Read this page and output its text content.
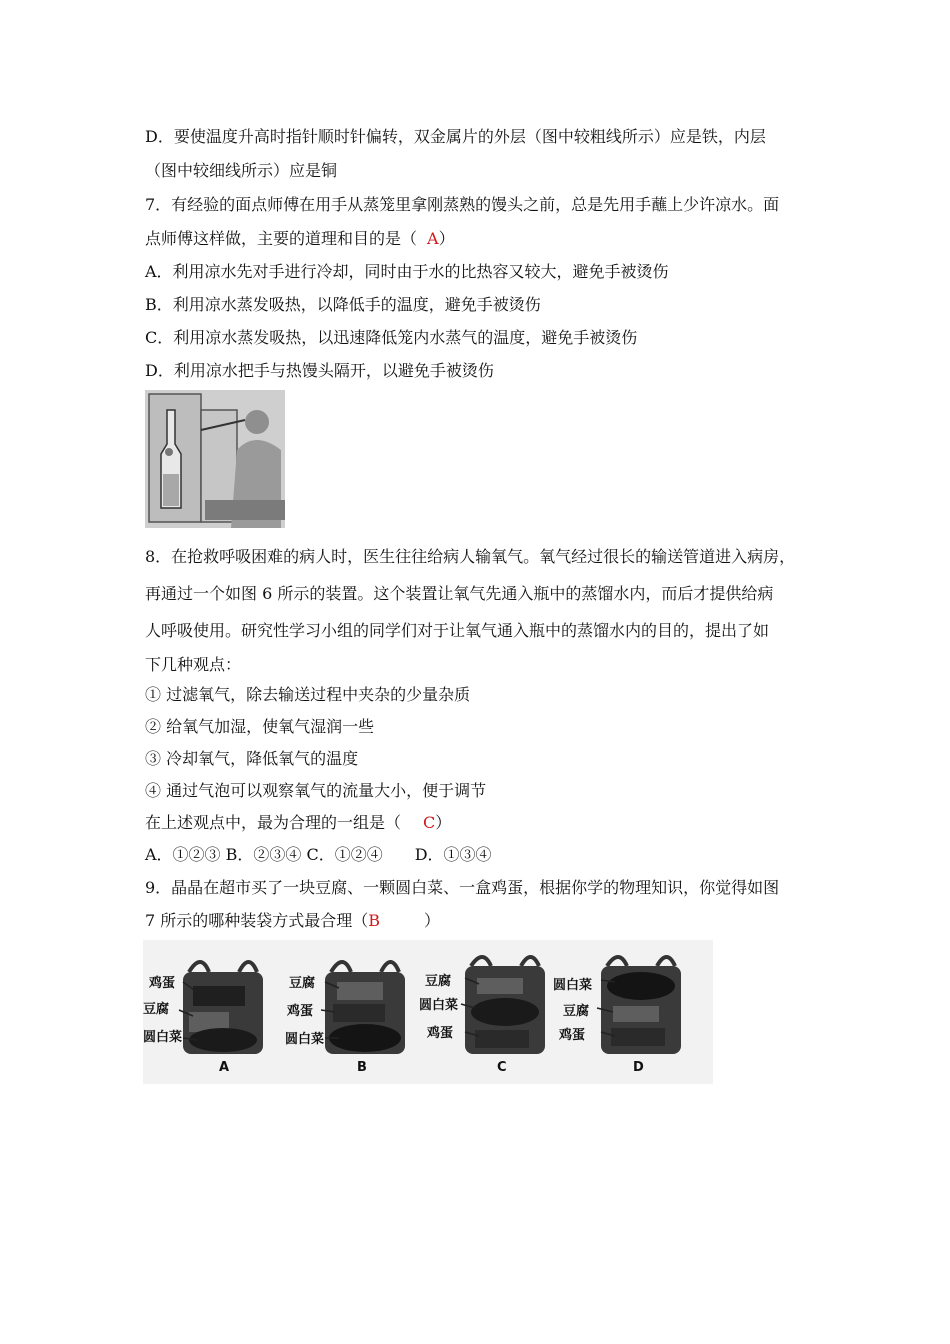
D．要使温度升高时指针顺时针偏转，双金属片的外层（图中较粗线所示）应是铁，内层
（图中较细线所示）应是铜
7．有经验的面点师傅在用手从蒸笼里拿刚蒸熟的馒头之前，总是先用手蘸上少许凉水。面
点师傅这样做，主要的道理和目的是（ A）
A．利用凉水先对手进行冷却，同时由于水的比热容又较大，避免手被烫伤
B．利用凉水蒸发吸热，以降低手的温度，避免手被烫伤
C．利用凉水蒸发吸热，以迅速降低笼内水蒸气的温度，避免手被烫伤
D．利用凉水把手与热馒头隔开，以避免手被烫伤
8．在抢救呼吸困难的病人时，医生往往给病人输氧气。氧气经过很长的输送管道进入病房，
再通过一个如图 6 所示的装置。这个装置让氧气先通入瓶中的蒸馏水内，而后才提供给病
人呼吸使用。研究性学习小组的同学们对于让氧气通入瓶中的蒸馏水内的目的，提出了如
下几种观点：
① 过滤氧气，除去输送过程中夹杂的少量杂质
② 给氧气加湿，使氧气湿润一些
③ 冷却氧气，降低氧气的温度
④ 通过气泡可以观察氧气的流量大小，便于调节
在上述观点中，最为合理的一组是（ C）
A．①②③ B．②③④ C．①②④　　D．①③④
9．晶晶在超市买了一块豆腐、一颗圆白菜、一盒鸡蛋，根据你学的物理知识，你觉得如图
7 所示的哪种装袋方式最合理（B	）
鸡蛋
豆腐
圆白菜
A
豆腐
鸡蛋
圆白菜
B
豆腐
圆白菜
鸡蛋
C
圆白菜
豆腐
鸡蛋
D
